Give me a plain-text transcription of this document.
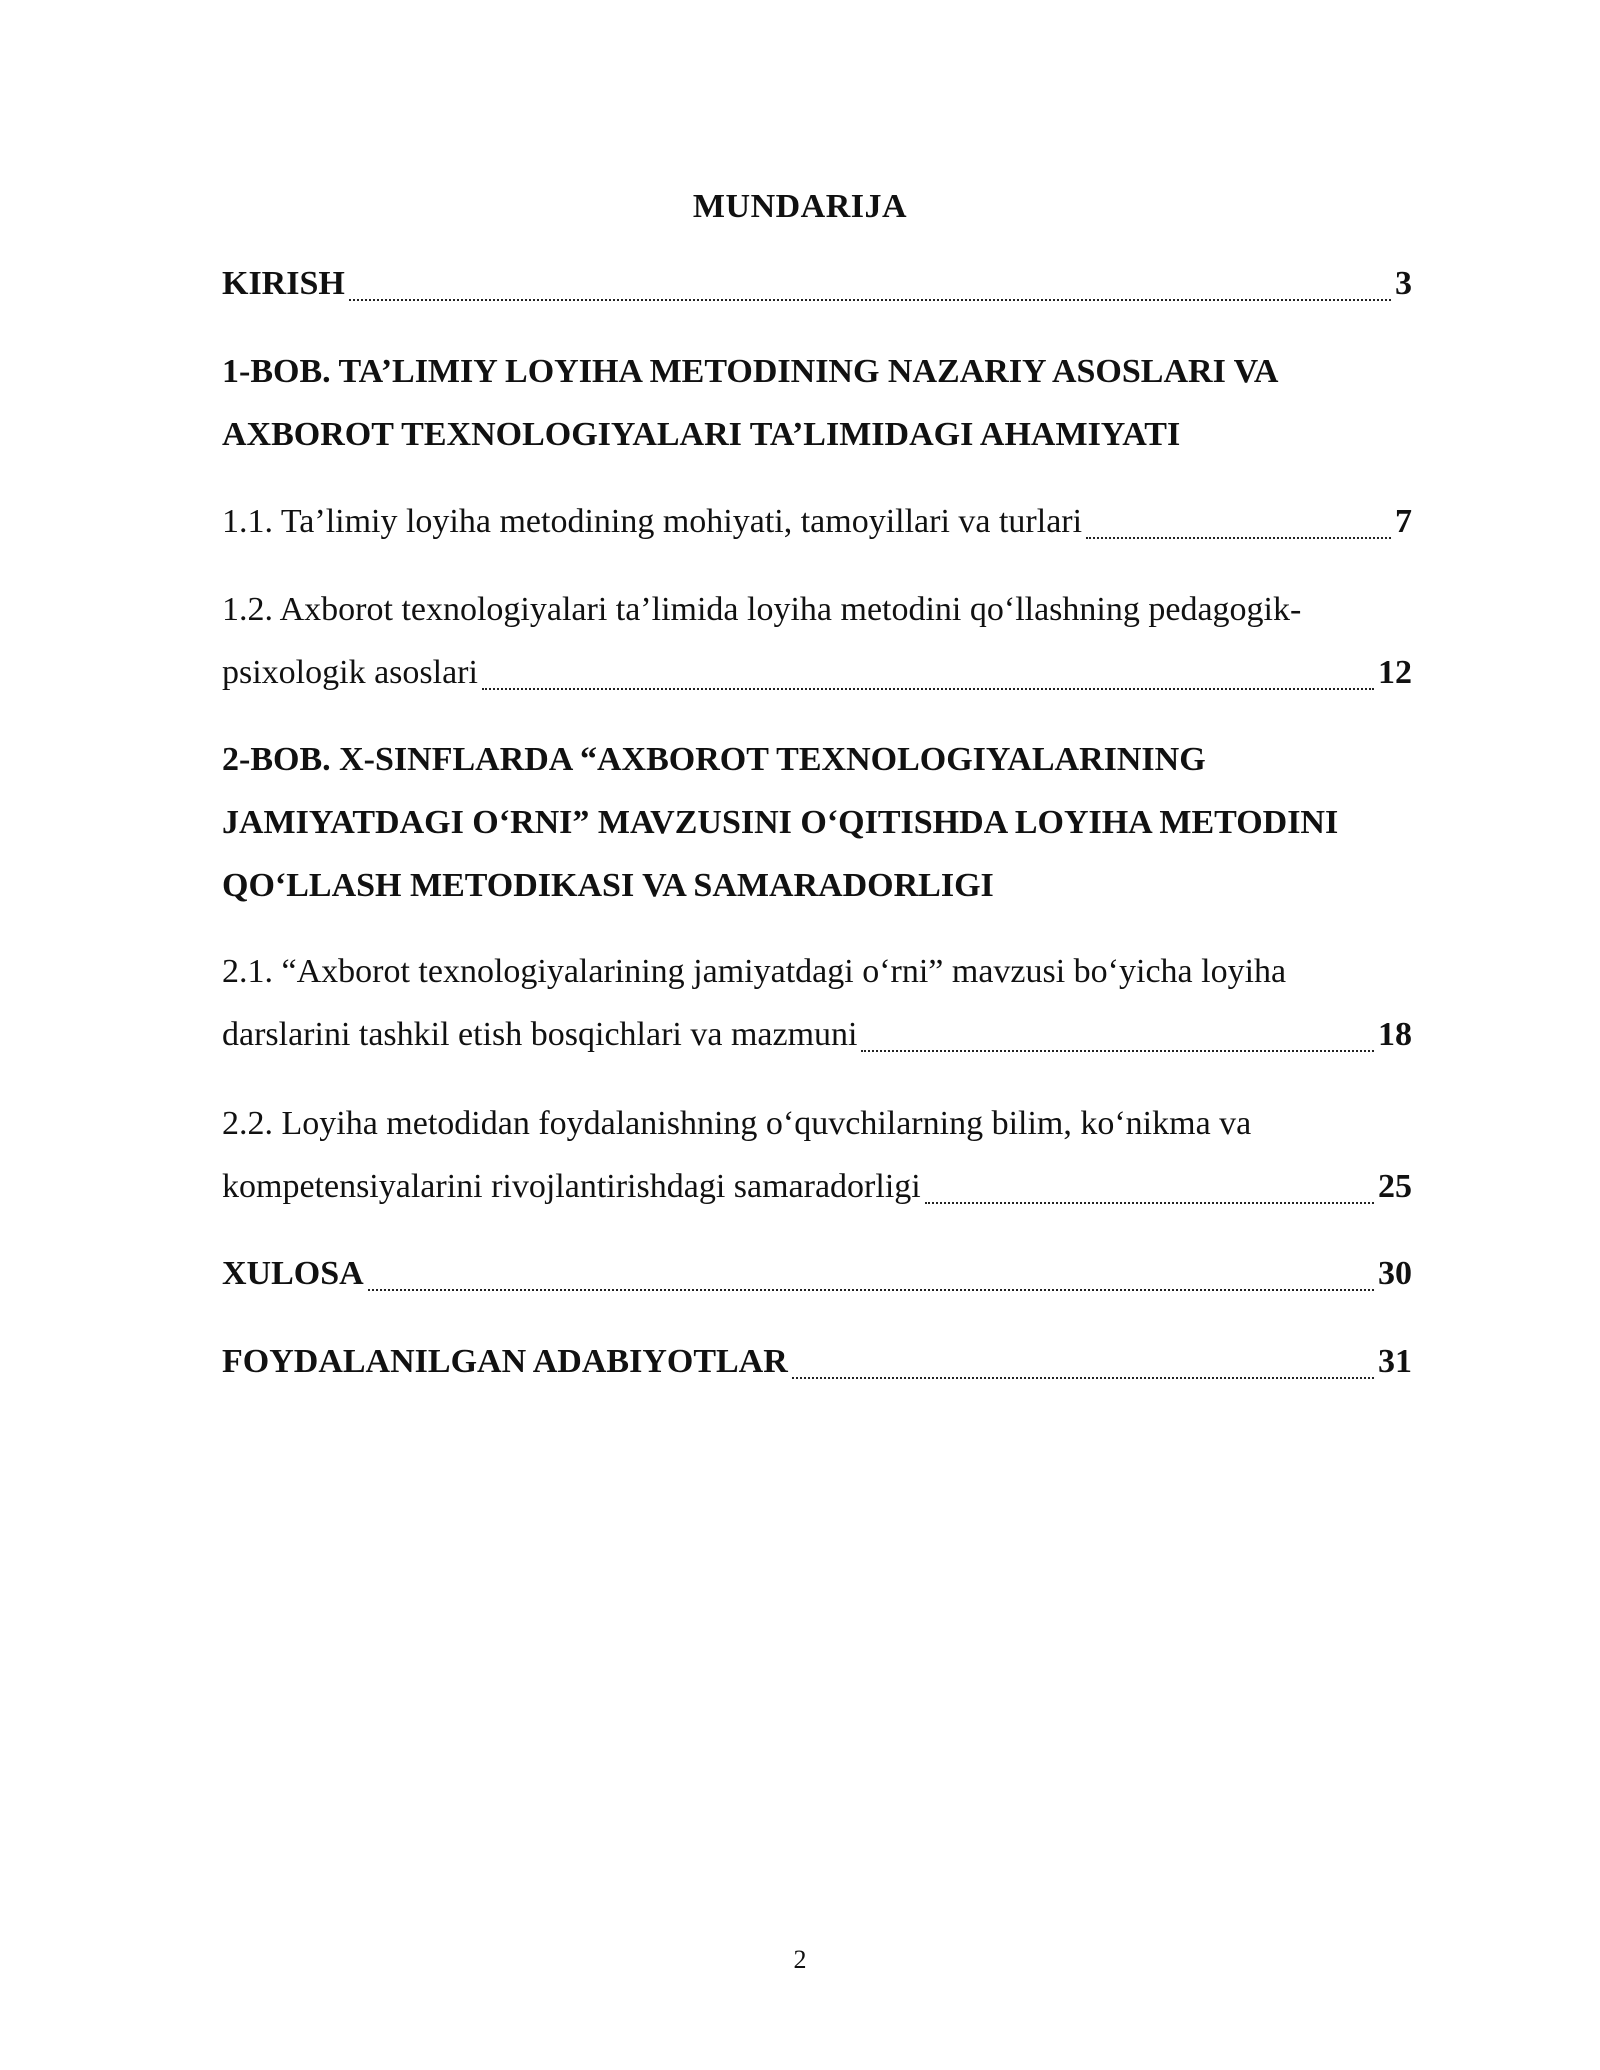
MUNDARIJA
KIRISH	3
1-BOB. TA’LIMIY LOYIHA METODINING NAZARIY ASOSLARI VA
AXBOROT TEXNOLOGIYALARI TA’LIMIDAGI AHAMIYATI
1.1. Ta’limiy loyiha metodining mohiyati, tamoyillari va turlari	7
1.2. Axborot texnologiyalari ta’limida loyiha metodini qo‘llashning pedagogik-
psixologik asoslari	12
2-BOB. X-SINFLARDA “AXBOROT TEXNOLOGIYALARINING
JAMIYATDAGI O‘RNI” MAVZUSINI O‘QITISHDA LOYIHA METODINI
QO‘LLASH METODIKASI VA SAMARADORLIGI
2.1. “Axborot texnologiyalarining jamiyatdagi o‘rni” mavzusi bo‘yicha loyiha
darslarini tashkil etish bosqichlari va mazmuni	18
2.2. Loyiha metodidan foydalanishning o‘quvchilarning bilim, ko‘nikma va
kompetensiyalarini rivojlantirishdagi samaradorligi	25
XULOSA	30
FOYDALANILGAN ADABIYOTLAR	31
2
